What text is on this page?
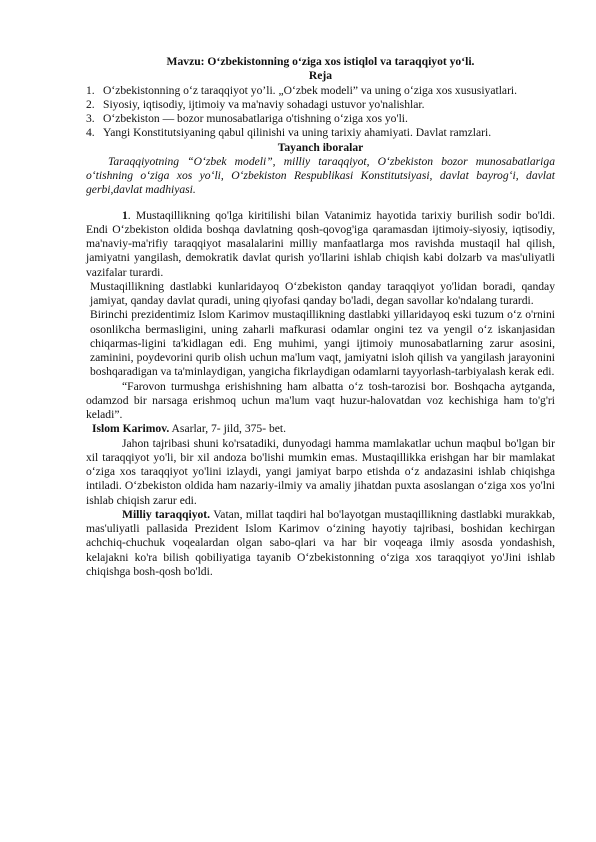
Mavzu: O‘zbekistonning o‘ziga xos istiqlol va taraqqiyot yo‘li.

Reja

1. O‘zbekistonning o‘z taraqqiyot yo’li. „O‘zbek modeli” va uning o‘ziga xos xususiyatlari.
2. Siyosiy, iqtisodiy, ijtimoiy va ma'naviy sohadagi ustuvor yo'nalishlar.
3. O‘zbekiston — bozor munosabatlariga o'tishning o‘ziga xos yo'li.
4. Yangi Konstitutsiyaning qabul qilinishi va uning tarixiy ahamiyati. Davlat ramzlari.

Tayanch iboralar

Taraqqiyotning “O‘zbek modeli”, milliy taraqqiyot, O‘zbekiston bozor munosabatlariga o‘tishning o‘ziga xos yo‘li, O‘zbekiston Respublikasi Konstitutsiyasi, davlat bayrog‘i, davlat gerbi,davlat madhiyasi.

1. Mustaqillikning qo'lga kiritilishi bilan Vatanimiz hayotida tarixiy burilish sodir bo'ldi. Endi O‘zbekiston oldida boshqa davlatning qosh-qovog'iga qaramasdan ijtimoiy-siyosiy, iqtisodiy, ma'naviy-ma'rifiy taraqqiyot masalalarini milliy manfaatlarga mos ravishda mustaqil hal qilish, jamiyatni yangilash, demokratik davlat qurish yo'llarini ishlab chiqish kabi dolzarb va mas'uliyatli vazifalar turardi.

Mustaqillikning dastlabki kunlaridayoq O‘zbekiston qanday taraqqiyot yo'lidan boradi, qanday jamiyat, qanday davlat quradi, uning qiyofasi qanday bo'ladi, degan savollar ko'ndalang turardi.

Birinchi prezidentimiz Islom Karimov mustaqillikning dastlabki yillaridayoq eski tuzum o‘z o'rnini osonlikcha bermasligini, uning zaharli mafkurasi odamlar ongini tez va yengil o‘z iskanjasidan chiqarmas-ligini ta'kidlagan edi. Eng muhimi, yangi ijtimoiy munosabatlarning zarur asosini, zaminini, poydevorini qurib olish uchun ma'lum vaqt, jamiyatni isloh qilish va yangilash jarayonini boshqaradigan va ta'minlaydigan, yangicha fikrlaydigan odamlarni tayyorlash-tarbiyalash kerak edi.

“Farovon turmushga erishishning ham albatta o‘z tosh-tarozisi bor. Boshqacha aytganda, odamzod bir narsaga erishmoq uchun ma'lum vaqt huzur-halovatdan voz kechishiga ham to'g'ri keladi”.

Islom Karimov. Asarlar, 7- jild, 375- bet.

Jahon tajribasi shuni ko'rsatadiki, dunyodagi hamma mamlakatlar uchun maqbul bo'lgan bir xil taraqqiyot yo'li, bir xil andoza bo'lishi mumkin emas. Mustaqillikka erishgan har bir mamlakat o‘ziga xos taraqqiyot yo'lini izlaydi, yangi jamiyat barpo etishda o‘z andazasini ishlab chiqishga intiladi. O‘zbekiston oldida ham nazariy-ilmiy va amaliy jihatdan puxta asoslangan o‘ziga xos yo'lni ishlab chiqish zarur edi.

Milliy taraqqiyot. Vatan, millat taqdiri hal bo'layotgan mustaqillikning dastlabki murakkab, mas'uliyatli pallasida Prezident Islom Karimov o‘zining hayotiy tajribasi, boshidan kechirgan achchiq-chuchuk voqealardan olgan sabo-qlari va har bir voqeaga ilmiy asosda yondashish, kelajakni ko'ra bilish qobiliyatiga tayanib O‘zbekistonning o‘ziga xos taraqqiyot yo'Jini ishlab chiqishga bosh-qosh bo'ldi.
